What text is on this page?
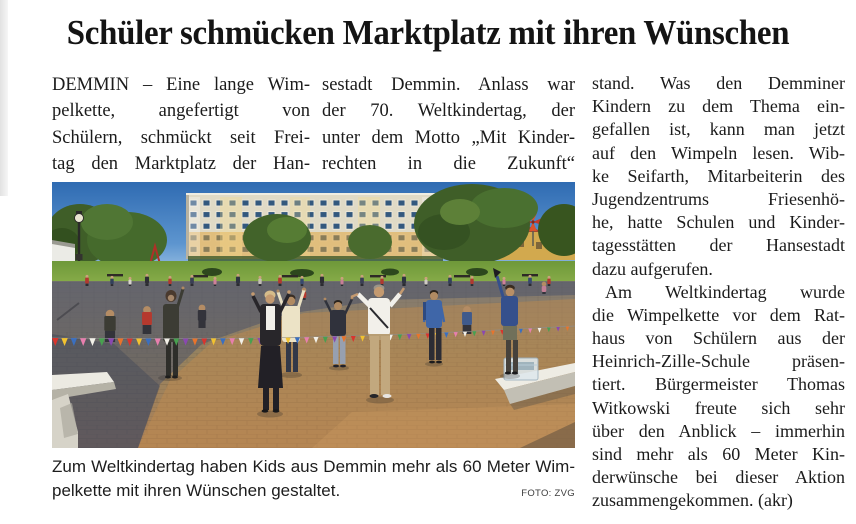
Schüler schmücken Marktplatz mit ihren Wünschen
DEMMIN – Eine lange Wim-
pelkette, angefertigt von
Schülern, schmückt seit Frei-
tag den Marktplatz der Han-
sestadt Demmin. Anlass war
der 70. Weltkindertag, der
unter dem Motto „Mit Kinder-
rechten in die Zukunft“
stand. Was den Demminer
Kindern zu dem Thema ein-
gefallen ist, kann man jetzt
auf den Wimpeln lesen. Wib-
ke Seifarth, Mitarbeiterin des
Jugendzentrums Friesenhö-
he, hatte Schulen und Kinder-
tagesstätten der Hansestadt
dazu aufgerufen.
Am Weltkindertag wurde
die Wimpelkette vor dem Rat-
haus von Schülern aus der
Heinrich-Zille-Schule präsen-
tiert. Bürgermeister Thomas
Witkowski freute sich sehr
über den Anblick – immerhin
sind mehr als 60 Meter Kin-
derwünsche bei dieser Aktion
zusammengekommen. (akr)
Zum Weltkindertag haben Kids aus Demmin mehr als 60 Meter Wim-
pelkette mit ihren Wünschen gestaltet.	FOTO: ZVG
